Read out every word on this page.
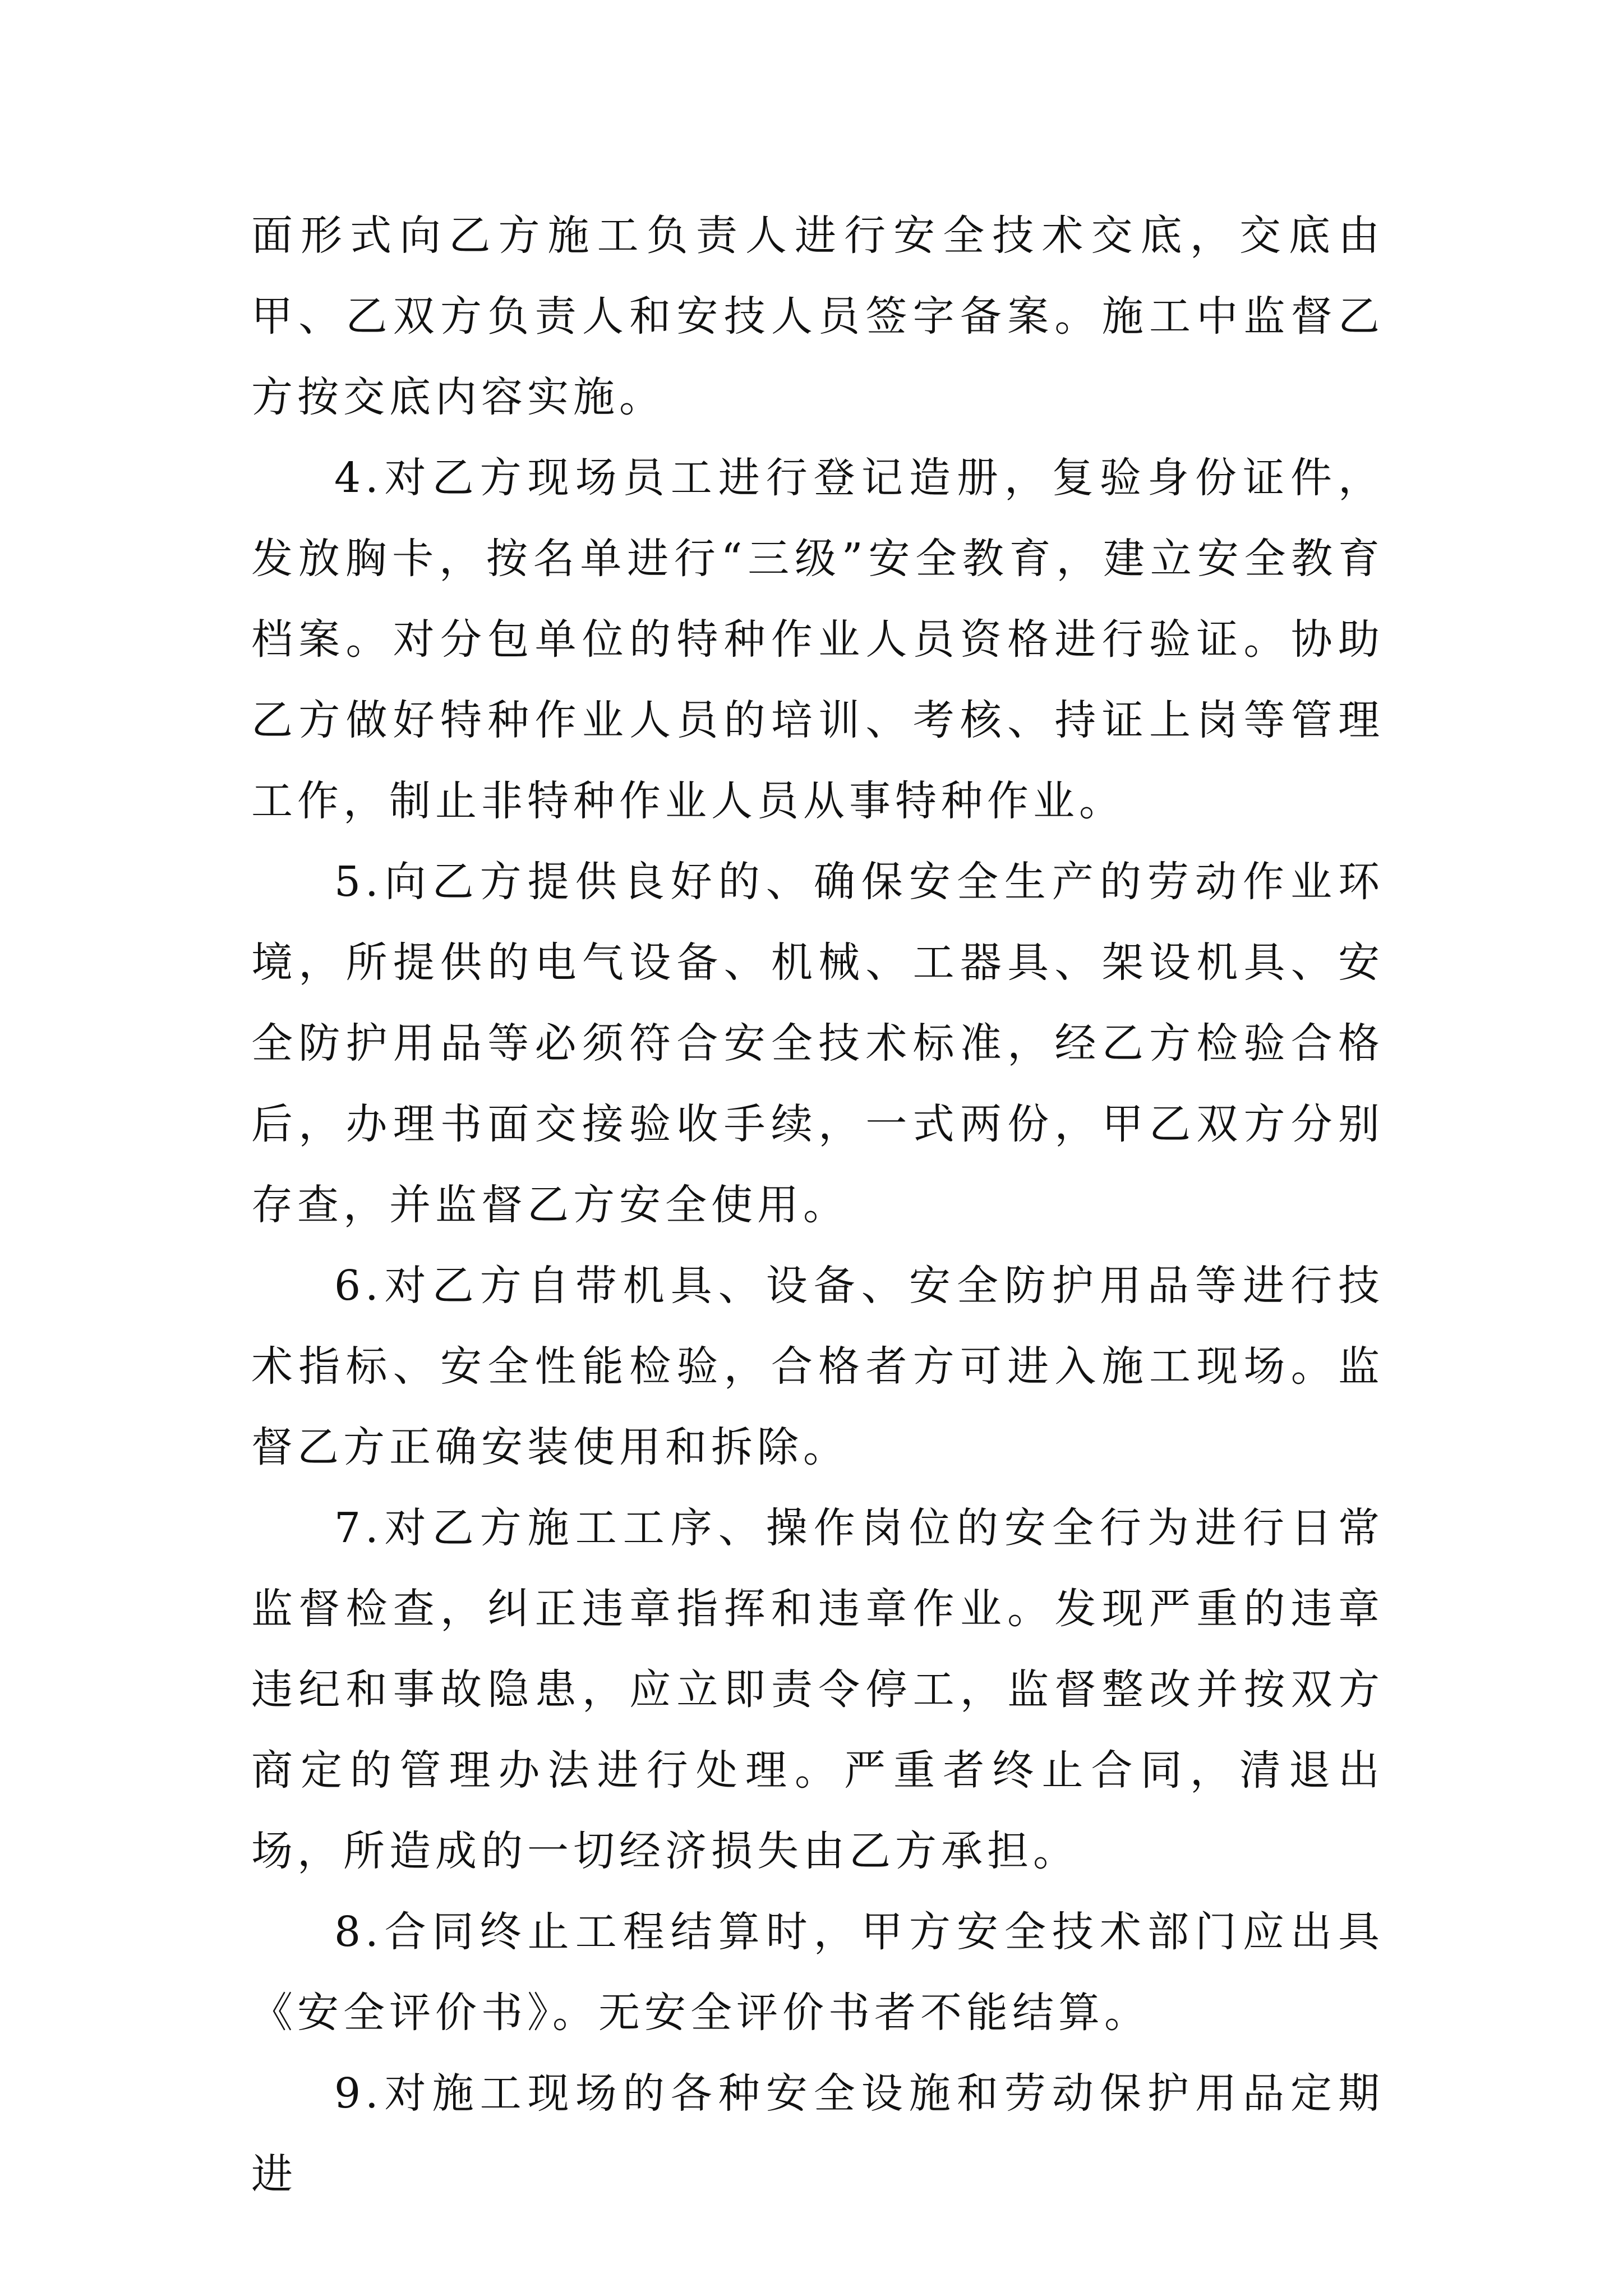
面形式向乙方施工负责人进行安全技术交底，交底由甲、乙双方负责人和安技人员签字备案。施工中监督乙方按交底内容实施。

4.对乙方现场员工进行登记造册，复验身份证件，发放胸卡，按名单进行“三级”安全教育，建立安全教育档案。对分包单位的特种作业人员资格进行验证。协助乙方做好特种作业人员的培训、考核、持证上岗等管理工作，制止非特种作业人员从事特种作业。

5.向乙方提供良好的、确保安全生产的劳动作业环境，所提供的电气设备、机械、工器具、架设机具、安全防护用品等必须符合安全技术标准，经乙方检验合格后，办理书面交接验收手续，一式两份，甲乙双方分别存查，并监督乙方安全使用。

6.对乙方自带机具、设备、安全防护用品等进行技术指标、安全性能检验，合格者方可进入施工现场。监督乙方正确安装使用和拆除。

7.对乙方施工工序、操作岗位的安全行为进行日常监督检查，纠正违章指挥和违章作业。发现严重的违章违纪和事故隐患，应立即责令停工，监督整改并按双方商定的管理办法进行处理。严重者终止合同，清退出场，所造成的一切经济损失由乙方承担。

8.合同终止工程结算时，甲方安全技术部门应出具《安全评价书》。无安全评价书者不能结算。

9.对施工现场的各种安全设施和劳动保护用品定期进
